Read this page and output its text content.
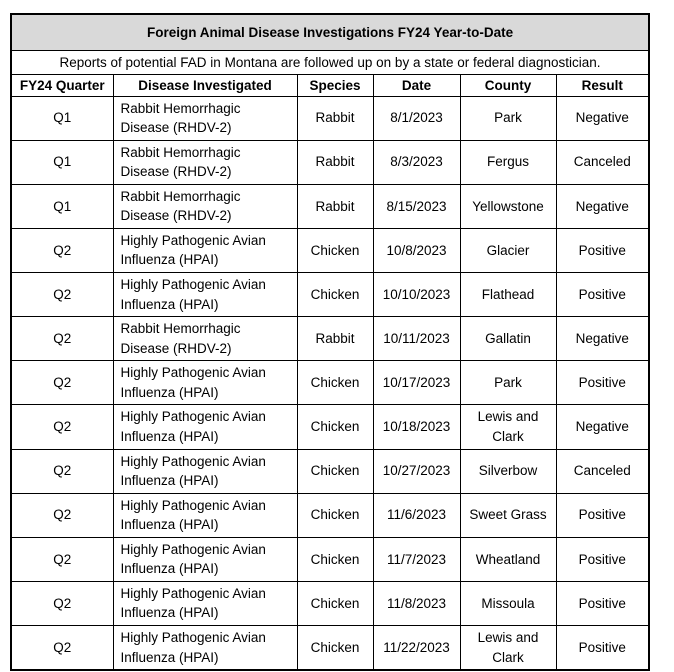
Foreign Animal Disease Investigations FY24 Year-to-Date					
Reports of potential FAD in Montana are followed up on by a state or federal diagnostician.					
FY24 Quarter	Disease Investigated	Species	Date	County	Result
Q1	Rabbit Hemorrhagic Disease (RHDV-2)	Rabbit	8/1/2023	Park	Negative
Q1	Rabbit Hemorrhagic Disease (RHDV-2)	Rabbit	8/3/2023	Fergus	Canceled
Q1	Rabbit Hemorrhagic Disease (RHDV-2)	Rabbit	8/15/2023	Yellowstone	Negative
Q2	Highly Pathogenic Avian Influenza (HPAI)	Chicken	10/8/2023	Glacier	Positive
Q2	Highly Pathogenic Avian Influenza (HPAI)	Chicken	10/10/2023	Flathead	Positive
Q2	Rabbit Hemorrhagic Disease (RHDV-2)	Rabbit	10/11/2023	Gallatin	Negative
Q2	Highly Pathogenic Avian Influenza (HPAI)	Chicken	10/17/2023	Park	Positive
Q2	Highly Pathogenic Avian Influenza (HPAI)	Chicken	10/18/2023	Lewis and Clark	Negative
Q2	Highly Pathogenic Avian Influenza (HPAI)	Chicken	10/27/2023	Silverbow	Canceled
Q2	Highly Pathogenic Avian Influenza (HPAI)	Chicken	11/6/2023	Sweet Grass	Positive
Q2	Highly Pathogenic Avian Influenza (HPAI)	Chicken	11/7/2023	Wheatland	Positive
Q2	Highly Pathogenic Avian Influenza (HPAI)	Chicken	11/8/2023	Missoula	Positive
Q2	Highly Pathogenic Avian Influenza (HPAI)	Chicken	11/22/2023	Lewis and Clark	Positive
